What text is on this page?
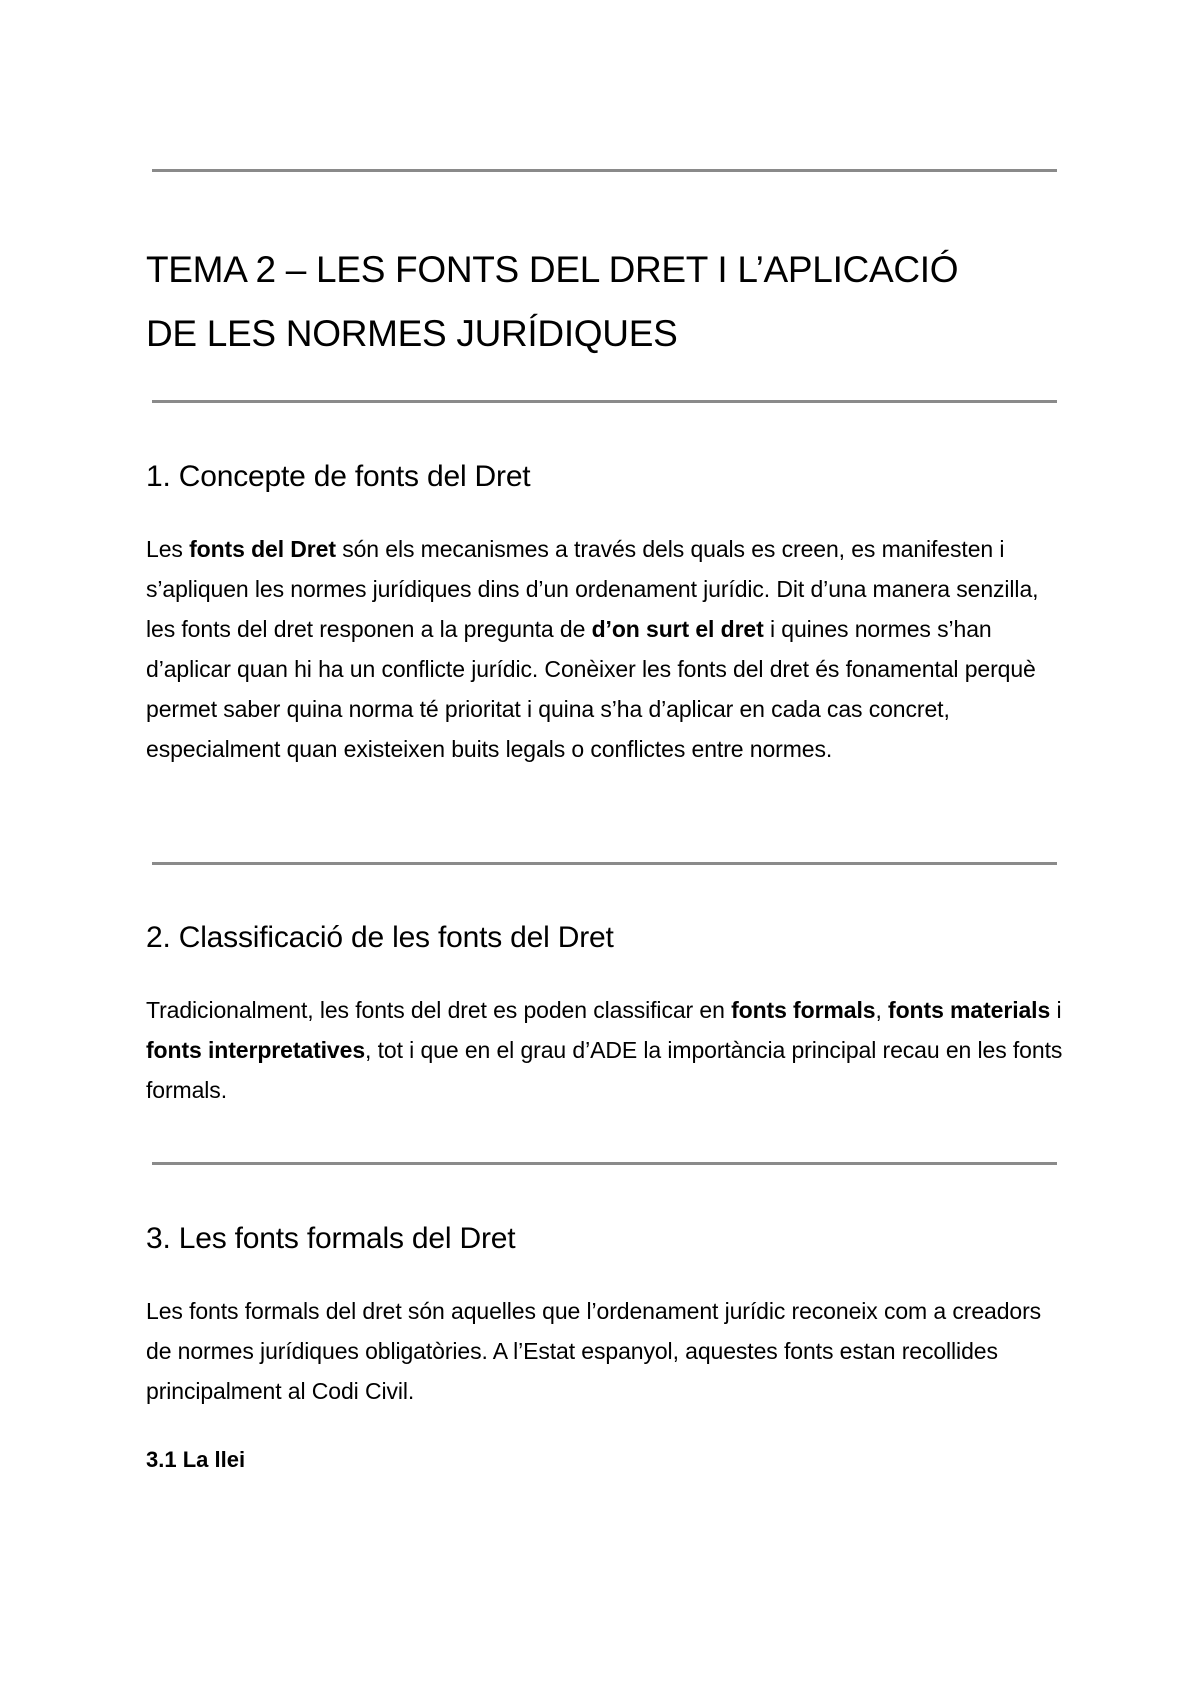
TEMA 2 – LES FONTS DEL DRET I L’APLICACIÓ
DE LES NORMES JURÍDIQUES
1. Concepte de fonts del Dret
Les fonts del Dret són els mecanismes a través dels quals es creen, es manifesten i s’apliquen les normes jurídiques dins d’un ordenament jurídic. Dit d’una manera senzilla, les fonts del dret responen a la pregunta de d’on surt el dret i quines normes s’han d’aplicar quan hi ha un conflicte jurídic. Conèixer les fonts del dret és fonamental perquè permet saber quina norma té prioritat i quina s’ha d’aplicar en cada cas concret, especialment quan existeixen buits legals o conflictes entre normes.
2. Classificació de les fonts del Dret
Tradicionalment, les fonts del dret es poden classificar en fonts formals, fonts materials i fonts interpretatives, tot i que en el grau d’ADE la importància principal recau en les fonts formals.
3. Les fonts formals del Dret
Les fonts formals del dret són aquelles que l’ordenament jurídic reconeix com a creadors de normes jurídiques obligatòries. A l’Estat espanyol, aquestes fonts estan recollides principalment al Codi Civil.
3.1 La llei
